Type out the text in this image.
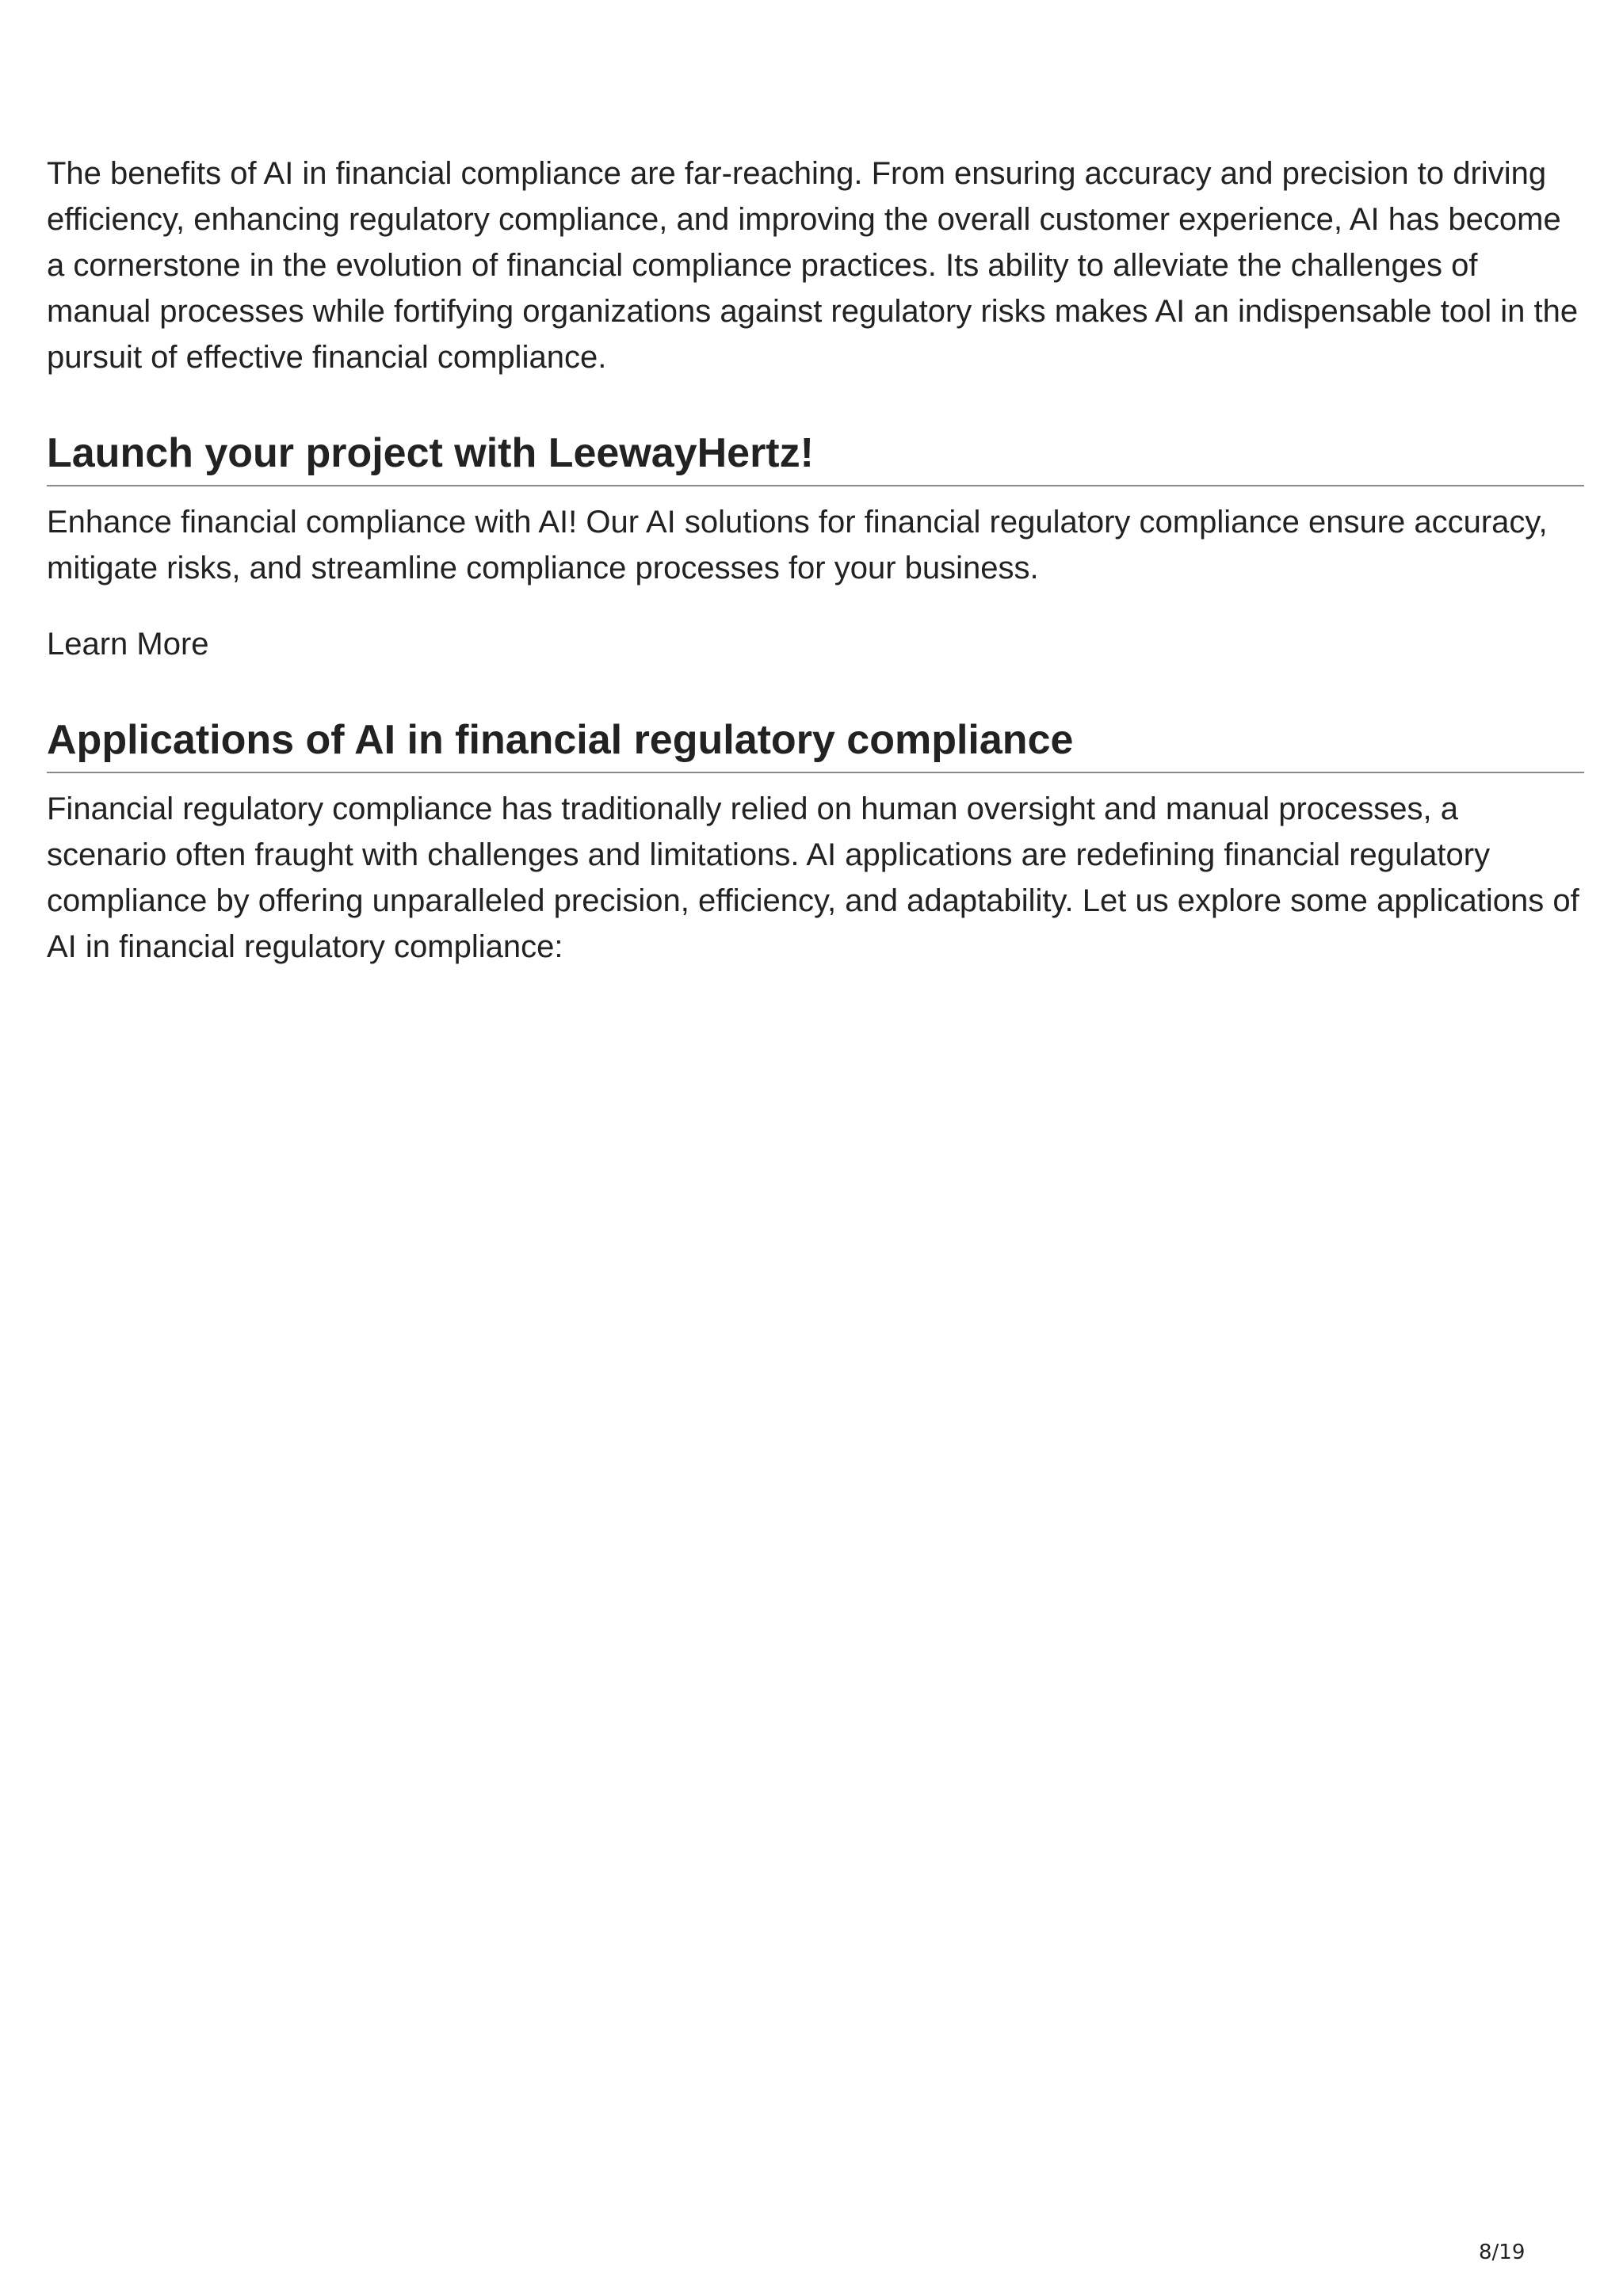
The benefits of AI in financial compliance are far-reaching. From ensuring accuracy and precision to driving efficiency, enhancing regulatory compliance, and improving the overall customer experience, AI has become a cornerstone in the evolution of financial compliance practices. Its ability to alleviate the challenges of manual processes while fortifying organizations against regulatory risks makes AI an indispensable tool in the pursuit of effective financial compliance.

Launch your project with LeewayHertz!

Enhance financial compliance with AI! Our AI solutions for financial regulatory compliance ensure accuracy, mitigate risks, and streamline compliance processes for your business.

Learn More
Applications of AI in financial regulatory compliance

Financial regulatory compliance has traditionally relied on human oversight and manual processes, a scenario often fraught with challenges and limitations. AI applications are redefining financial regulatory compliance by offering unparalleled precision, efficiency, and adaptability. Let us explore some applications of AI in financial regulatory compliance:

8/19
